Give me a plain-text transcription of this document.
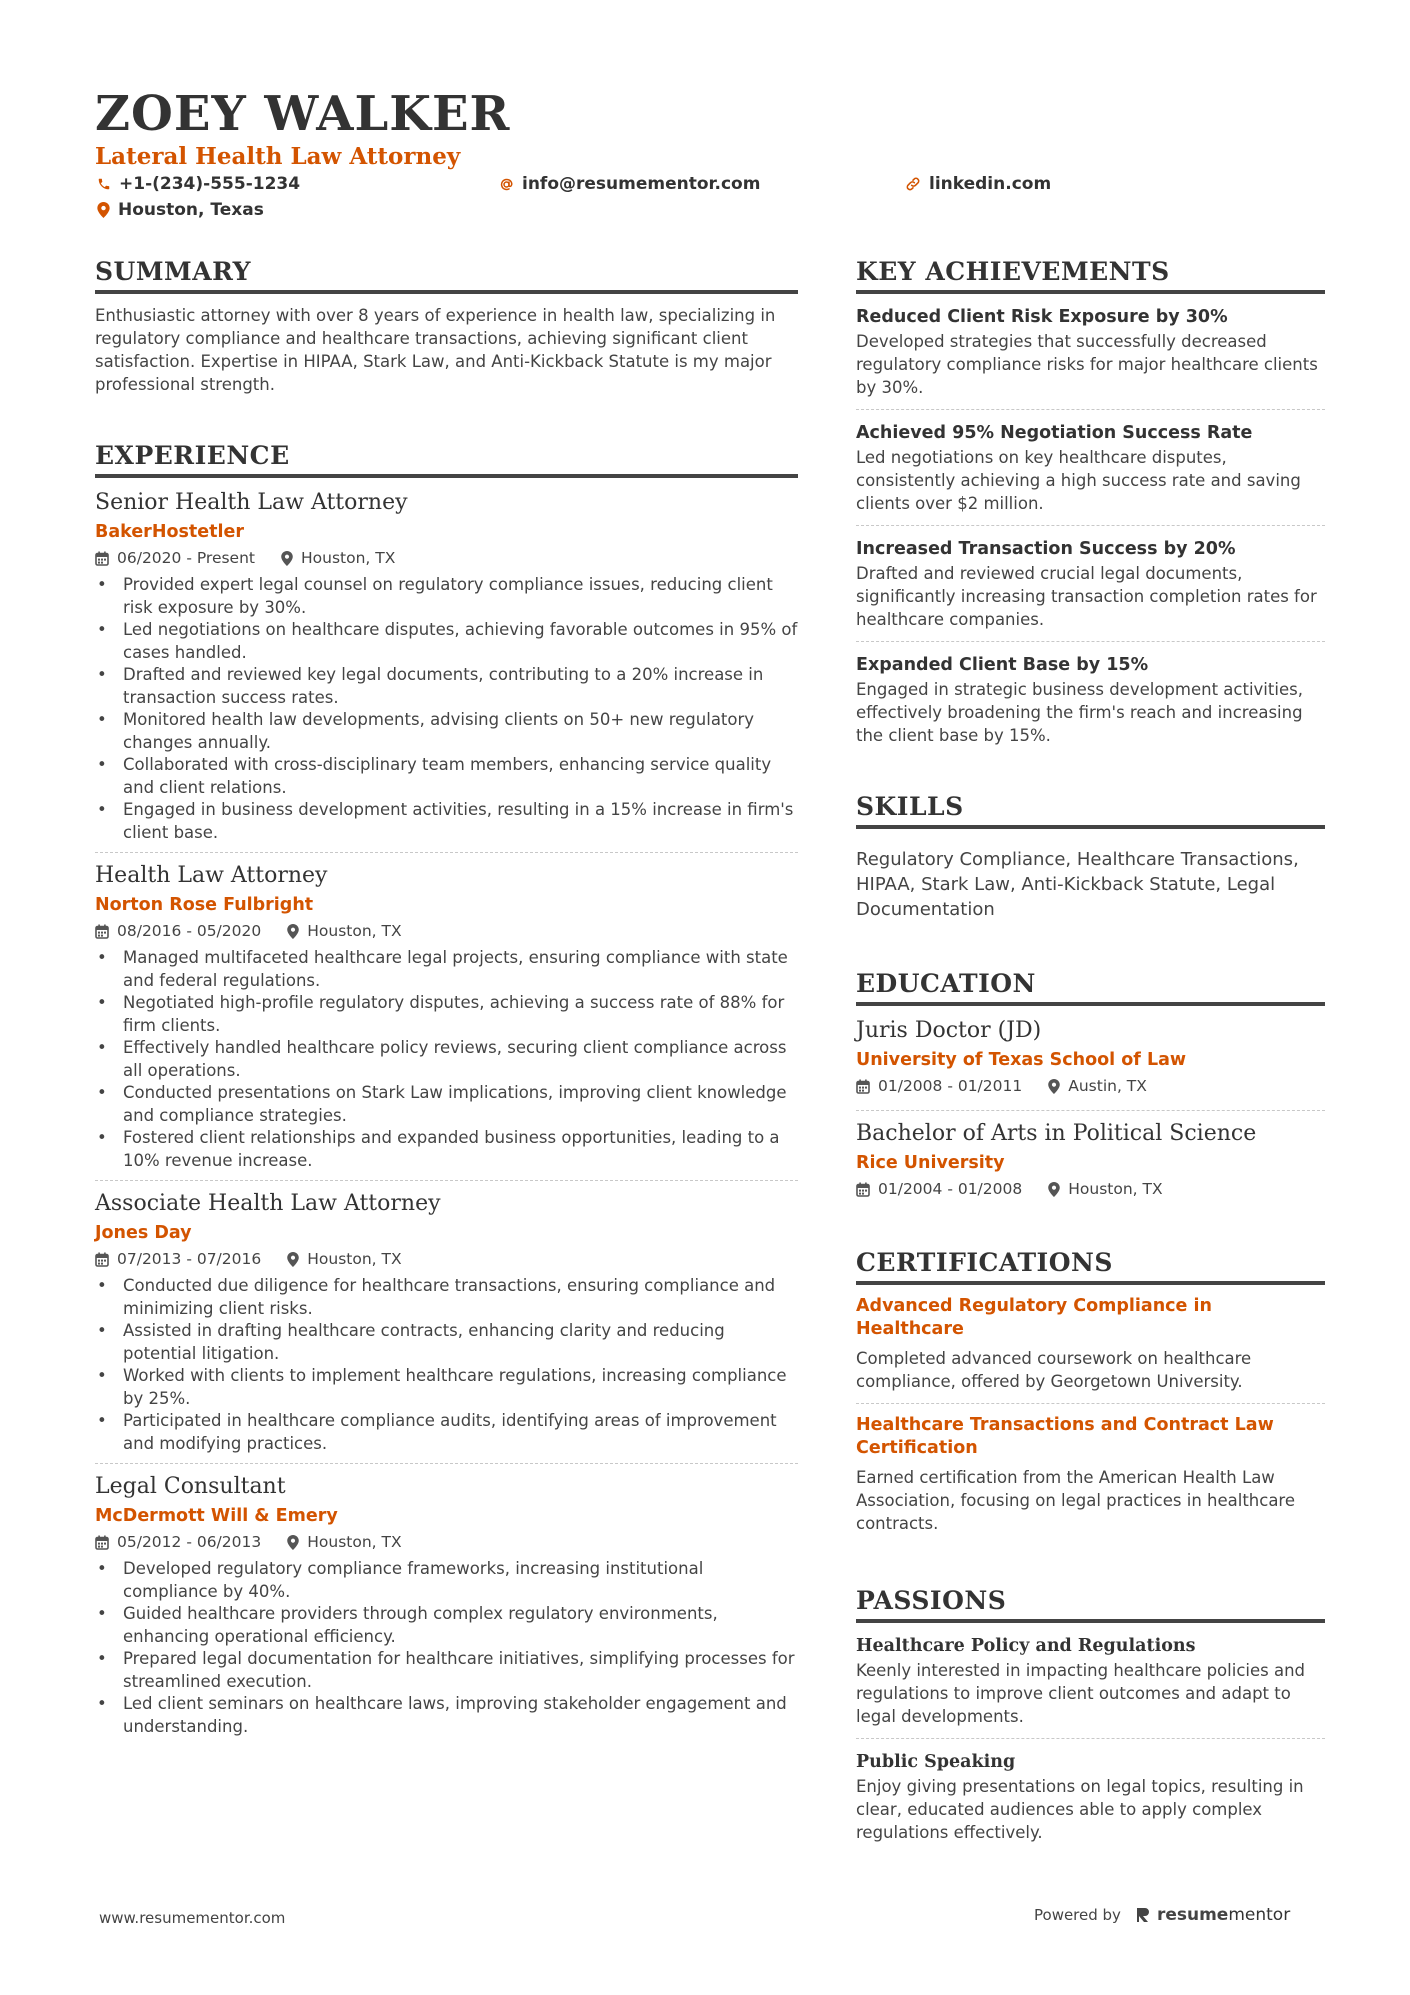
ZOEY WALKER
Lateral Health Law Attorney
+1-(234)-555-1234	info@resumementor.com	linkedin.com
Houston, Texas
SUMMARY

Enthusiastic attorney with over 8 years of experience in health law, specializing in regulatory compliance and healthcare transactions, achieving significant client satisfaction. Expertise in HIPAA, Stark Law, and Anti-Kickback Statute is my major professional strength.

EXPERIENCE
Senior Health Law Attorney
BakerHostetler
06/2020 - Present	Houston, TX
• Provided expert legal counsel on regulatory compliance issues, reducing client risk exposure by 30%.
• Led negotiations on healthcare disputes, achieving favorable outcomes in 95% of cases handled.
• Drafted and reviewed key legal documents, contributing to a 20% increase in transaction success rates.
• Monitored health law developments, advising clients on 50+ new regulatory changes annually.
• Collaborated with cross-disciplinary team members, enhancing service quality and client relations.
• Engaged in business development activities, resulting in a 15% increase in firm's client base.
Health Law Attorney
Norton Rose Fulbright
08/2016 - 05/2020	Houston, TX
• Managed multifaceted healthcare legal projects, ensuring compliance with state and federal regulations.
• Negotiated high-profile regulatory disputes, achieving a success rate of 88% for firm clients.
• Effectively handled healthcare policy reviews, securing client compliance across all operations.
• Conducted presentations on Stark Law implications, improving client knowledge and compliance strategies.
• Fostered client relationships and expanded business opportunities, leading to a 10% revenue increase.
Associate Health Law Attorney
Jones Day
07/2013 - 07/2016	Houston, TX
• Conducted due diligence for healthcare transactions, ensuring compliance and minimizing client risks.
• Assisted in drafting healthcare contracts, enhancing clarity and reducing potential litigation.
• Worked with clients to implement healthcare regulations, increasing compliance by 25%.
• Participated in healthcare compliance audits, identifying areas of improvement and modifying practices.
Legal Consultant
McDermott Will & Emery
05/2012 - 06/2013	Houston, TX
• Developed regulatory compliance frameworks, increasing institutional compliance by 40%.
• Guided healthcare providers through complex regulatory environments, enhancing operational efficiency.
• Prepared legal documentation for healthcare initiatives, simplifying processes for streamlined execution.
• Led client seminars on healthcare laws, improving stakeholder engagement and understanding.
KEY ACHIEVEMENTS
Reduced Client Risk Exposure by 30%

Developed strategies that successfully decreased regulatory compliance risks for major healthcare clients by 30%.

Achieved 95% Negotiation Success Rate

Led negotiations on key healthcare disputes, consistently achieving a high success rate and saving clients over $2 million.

Increased Transaction Success by 20%

Drafted and reviewed crucial legal documents, significantly increasing transaction completion rates for healthcare companies.

Expanded Client Base by 15%

Engaged in strategic business development activities, effectively broadening the firm's reach and increasing the client base by 15%.

SKILLS
Regulatory Compliance, Healthcare Transactions, HIPAA, Stark Law, Anti-Kickback Statute, Legal Documentation
EDUCATION
Juris Doctor (JD)
University of Texas School of Law
01/2008 - 01/2011	Austin, TX
Bachelor of Arts in Political Science
Rice University
01/2004 - 01/2008	Houston, TX
CERTIFICATIONS
Advanced Regulatory Compliance in Healthcare

Completed advanced coursework on healthcare compliance, offered by Georgetown University.

Healthcare Transactions and Contract Law Certification

Earned certification from the American Health Law Association, focusing on legal practices in healthcare contracts.

PASSIONS
Healthcare Policy and Regulations

Keenly interested in impacting healthcare policies and regulations to improve client outcomes and adapt to legal developments.

Public Speaking

Enjoy giving presentations on legal topics, resulting in clear, educated audiences able to apply complex regulations effectively.

www.resumementor.com	Powered by resumementor
